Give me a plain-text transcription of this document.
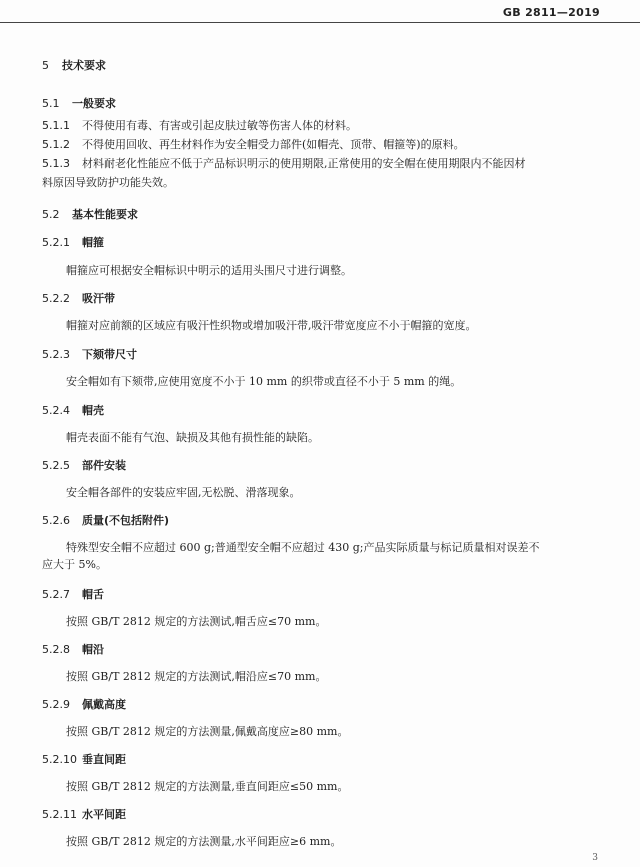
GB 2811—2019
5 技术要求
5.1 一般要求
5.1.1 不得使用有毒、有害或引起皮肤过敏等伤害人体的材料。
5.1.2 不得使用回收、再生材料作为安全帽受力部件(如帽壳、顶带、帽箍等)的原料。
5.1.3 材料耐老化性能应不低于产品标识明示的使用期限,正常使用的安全帽在使用期限内不能因材
料原因导致防护功能失效。
5.2 基本性能要求
5.2.1 帽箍
帽箍应可根据安全帽标识中明示的适用头围尺寸进行调整。
5.2.2 吸汗带
帽箍对应前额的区域应有吸汗性织物或增加吸汗带,吸汗带宽度应不小于帽箍的宽度。
5.2.3 下颏带尺寸
安全帽如有下颏带,应使用宽度不小于 10 mm 的织带或直径不小于 5 mm 的绳。
5.2.4 帽壳
帽壳表面不能有气泡、缺损及其他有损性能的缺陷。
5.2.5 部件安装
安全帽各部件的安装应牢固,无松脱、滑落现象。
5.2.6 质量(不包括附件)
特殊型安全帽不应超过 600 g;普通型安全帽不应超过 430 g;产品实际质量与标记质量相对误差不
应大于 5%。
5.2.7 帽舌
按照 GB/T 2812 规定的方法测试,帽舌应≤70 mm。
5.2.8 帽沿
按照 GB/T 2812 规定的方法测试,帽沿应≤70 mm。
5.2.9 佩戴高度
按照 GB/T 2812 规定的方法测量,佩戴高度应≥80 mm。
5.2.10 垂直间距
按照 GB/T 2812 规定的方法测量,垂直间距应≤50 mm。
5.2.11 水平间距
按照 GB/T 2812 规定的方法测量,水平间距应≥6 mm。
3
